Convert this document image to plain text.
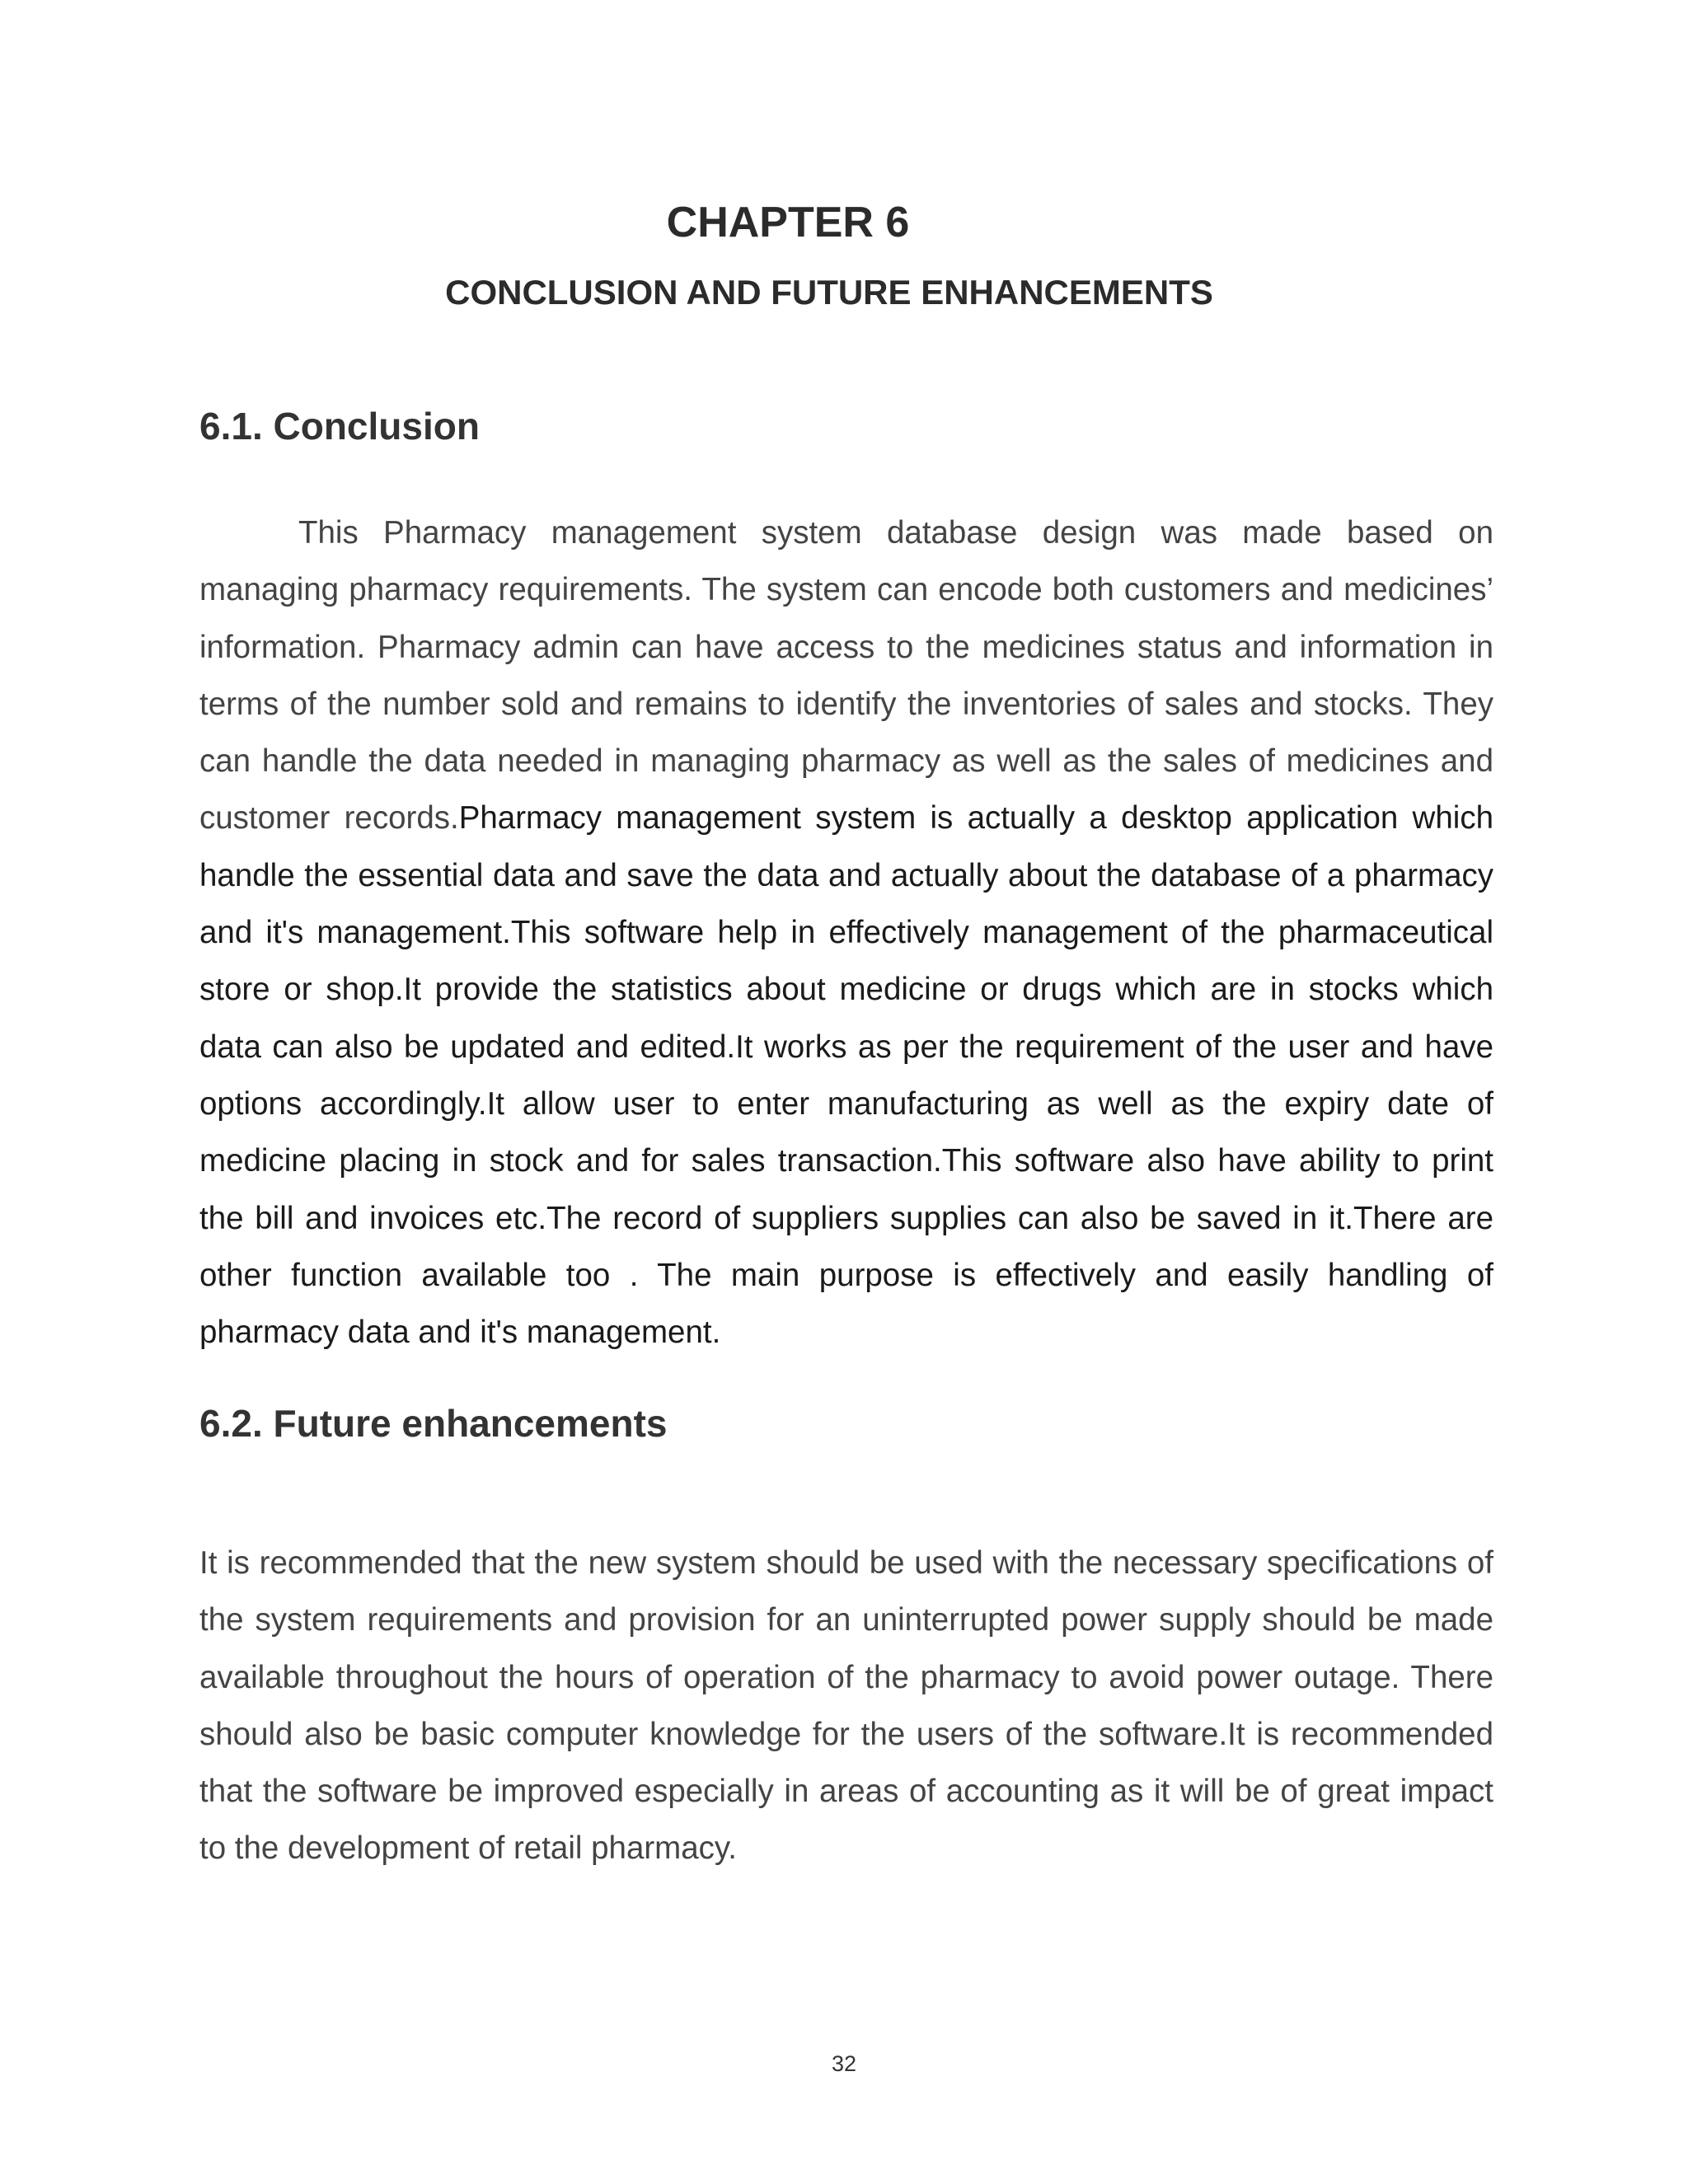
CHAPTER 6
CONCLUSION AND FUTURE ENHANCEMENTS
6.1. Conclusion

This Pharmacy management system database design was made based on managing pharmacy requirements. The system can encode both customers and medicines’ information. Pharmacy admin can have access to the medicines status and information in terms of the number sold and remains to identify the inventories of sales and stocks. They can handle the data needed in managing pharmacy as well as the sales of medicines and customer records.Pharmacy management system is actually a desktop application which handle the essential data and save the data and actually about the database of a pharmacy and it's management.This software help in effectively management of the pharmaceutical store or shop.It provide the statistics about medicine or drugs which are in stocks which data can also be updated and edited.It works as per the requirement of the user and have options accordingly.It allow user to enter manufacturing as well as the expiry date of medicine placing in stock and for sales transaction.This software also have ability to print the bill and invoices etc.The record of suppliers supplies can also be saved in it.There are other function available too . The main purpose is effectively and easily handling of pharmacy data and it's management.

6.2. Future enhancements

It is recommended that the new system should be used with the necessary specifications of the system requirements and provision for an uninterrupted power supply should be made available throughout the hours of operation of the pharmacy to avoid power outage. There should also be basic computer knowledge for the users of the software.It is recommended that the software be improved especially in areas of accounting as it will be of great impact to the development of retail pharmacy.

32
